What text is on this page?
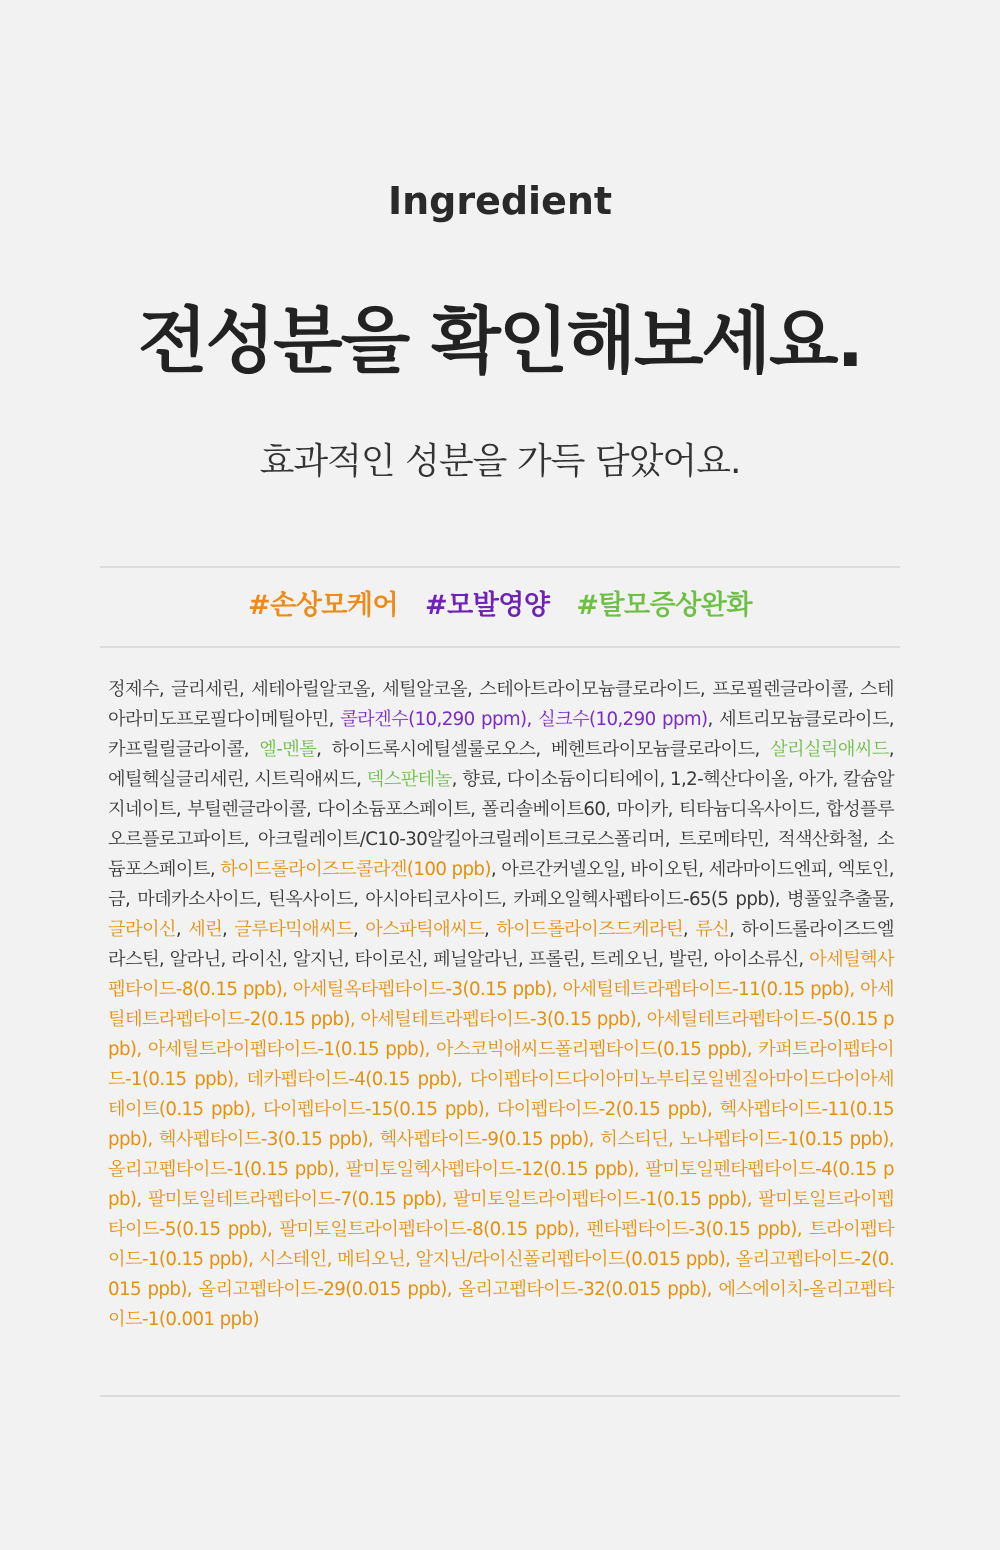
Ingredient
전성분을 확인해보세요.
효과적인 성분을 가득 담았어요.
#손상모케어 #모발영양 #탈모증상완화
정제수, 글리세린, 세테아릴알코올, 세틸알코올, 스테아트라이모늄클로라이드, 프로필렌글라이콜, 스테아라미도프로필다이메틸아민, 콜라겐수(10,290 ppm), 실크수(10,290 ppm), 세트리모늄클로라이드, 카프릴릴글라이콜, 엘-멘톨, 하이드록시에틸셀룰로오스, 베헨트라이모늄클로라이드, 살리실릭애씨드, 에틸헥실글리세린, 시트릭애씨드, 덱스판테놀, 향료, 다이소듐이디티에이, 1,2-헥산다이올, 아가, 칼슘알지네이트, 부틸렌글라이콜, 다이소듐포스페이트, 폴리솔베이트60, 마이카, 티타늄디옥사이드, 합성플루오르플로고파이트, 아크릴레이트/C10-30알킬아크릴레이트크로스폴리머, 트로메타민, 적색산화철, 소듐포스페이트, 하이드롤라이즈드콜라겐(100 ppb), 아르간커넬오일, 바이오틴, 세라마이드엔피, 엑토인, 금, 마데카소사이드, 틴옥사이드, 아시아티코사이드, 카페오일헥사펩타이드-65(5 ppb), 병풀잎추출물, 글라이신, 세린, 글루타믹애씨드, 아스파틱애씨드, 하이드롤라이즈드케라틴, 류신, 하이드롤라이즈드엘라스틴, 알라닌, 라이신, 알지닌, 타이로신, 페닐알라닌, 프롤린, 트레오닌, 발린, 아이소류신, 아세틸헥사펩타이드-8(0.15 ppb), 아세틸옥타펩타이드-3(0.15 ppb), 아세틸테트라펩타이드-11(0.15 ppb), 아세틸테트라펩타이드-2(0.15 ppb), 아세틸테트라펩타이드-3(0.15 ppb), 아세틸테트라펩타이드-5(0.15 ppb), 아세틸트라이펩타이드-1(0.15 ppb), 아스코빅애씨드폴리펩타이드(0.15 ppb), 카퍼트라이펩타이드-1(0.15 ppb), 데카펩타이드-4(0.15 ppb), 다이펩타이드다이아미노부티로일벤질아마이드다이아세테이트(0.15 ppb), 다이펩타이드-15(0.15 ppb), 다이펩타이드-2(0.15 ppb), 헥사펩타이드-11(0.15 ppb), 헥사펩타이드-3(0.15 ppb), 헥사펩타이드-9(0.15 ppb), 히스티딘, 노나펩타이드-1(0.15 ppb), 올리고펩타이드-1(0.15 ppb), 팔미토일헥사펩타이드-12(0.15 ppb), 팔미토일펜타펩타이드-4(0.15 ppb), 팔미토일테트라펩타이드-7(0.15 ppb), 팔미토일트라이펩타이드-1(0.15 ppb), 팔미토일트라이펩타이드-5(0.15 ppb), 팔미토일트라이펩타이드-8(0.15 ppb), 펜타펩타이드-3(0.15 ppb), 트라이펩타이드-1(0.15 ppb), 시스테인, 메티오닌, 알지닌/라이신폴리펩타이드(0.015 ppb), 올리고펩타이드-2(0.015 ppb), 올리고펩타이드-29(0.015 ppb), 올리고펩타이드-32(0.015 ppb), 에스에이치-올리고펩타이드-1(0.001 ppb)
